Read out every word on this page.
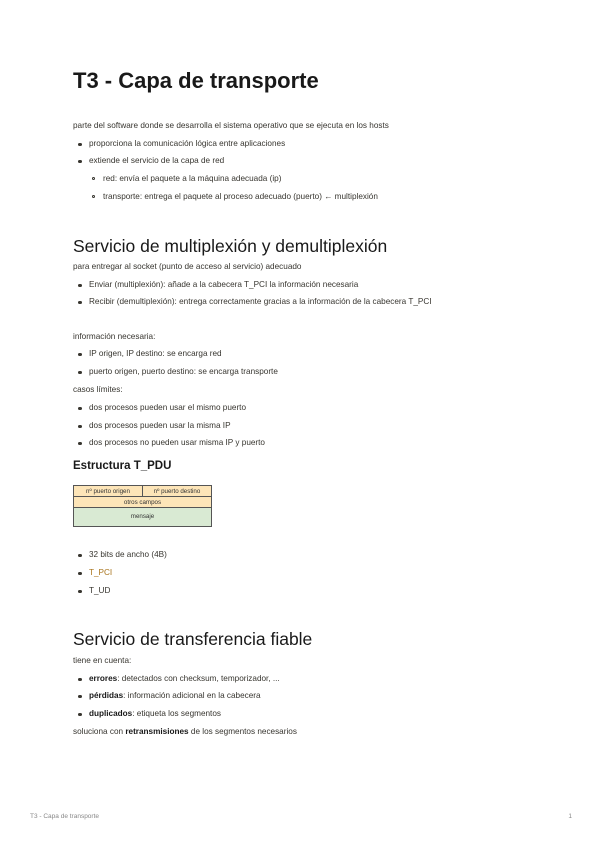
T3 - Capa de transporte
parte del software donde se desarrolla el sistema operativo que se ejecuta en los hosts
proporciona la comunicación lógica entre aplicaciones
extiende el servicio de la capa de red
red: envía el paquete a la máquina adecuada (ip)
transporte: entrega el paquete al proceso adecuado (puerto) ← multiplexión
Servicio de multiplexión y demultiplexión
para entregar al socket (punto de acceso al servicio) adecuado
Enviar (multiplexión): añade a la cabecera T_PCI la información necesaria
Recibir (demultiplexión): entrega correctamente gracias a la información de la cabecera T_PCI
información necesaria:
IP origen, IP destino: se encarga red
puerto origen, puerto destino: se encarga transporte
casos límites:
dos procesos pueden usar el mismo puerto
dos procesos pueden usar la misma IP
dos procesos no pueden usar misma IP y puerto
Estructura T_PDU
nº puerto origen	nº puerto destino
otros campos
mensaje
32 bits de ancho (4B)
T_PCI
T_UD
Servicio de transferencia fiable
tiene en cuenta:
errores: detectados con checksum, temporizador, ...
pérdidas: información adicional en la cabecera
duplicados: etiqueta los segmentos
soluciona con retransmisiones de los segmentos necesarios
T3 - Capa de transporte	1
